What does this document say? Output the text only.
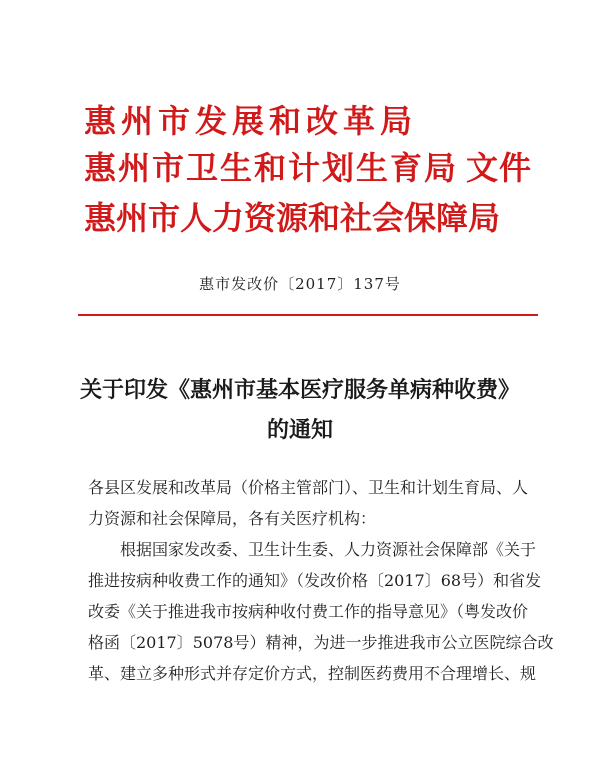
惠州市发展和改革局
惠州市卫生和计划生育局 文件
惠州市人力资源和社会保障局
惠市发改价〔2017〕137号
关于印发《惠州市基本医疗服务单病种收费》
的通知
各县区发展和改革局（价格主管部门）、卫生和计划生育局、人
力资源和社会保障局，各有关医疗机构：
　　根据国家发改委、卫生计生委、人力资源社会保障部《关于
推进按病种收费工作的通知》（发改价格〔2017〕68号）和省发
改委《关于推进我市按病种收付费工作的指导意见》（粤发改价
格函〔2017〕5078号）精神，为进一步推进我市公立医院综合改
革、建立多种形式并存定价方式，控制医药费用不合理增长、规
